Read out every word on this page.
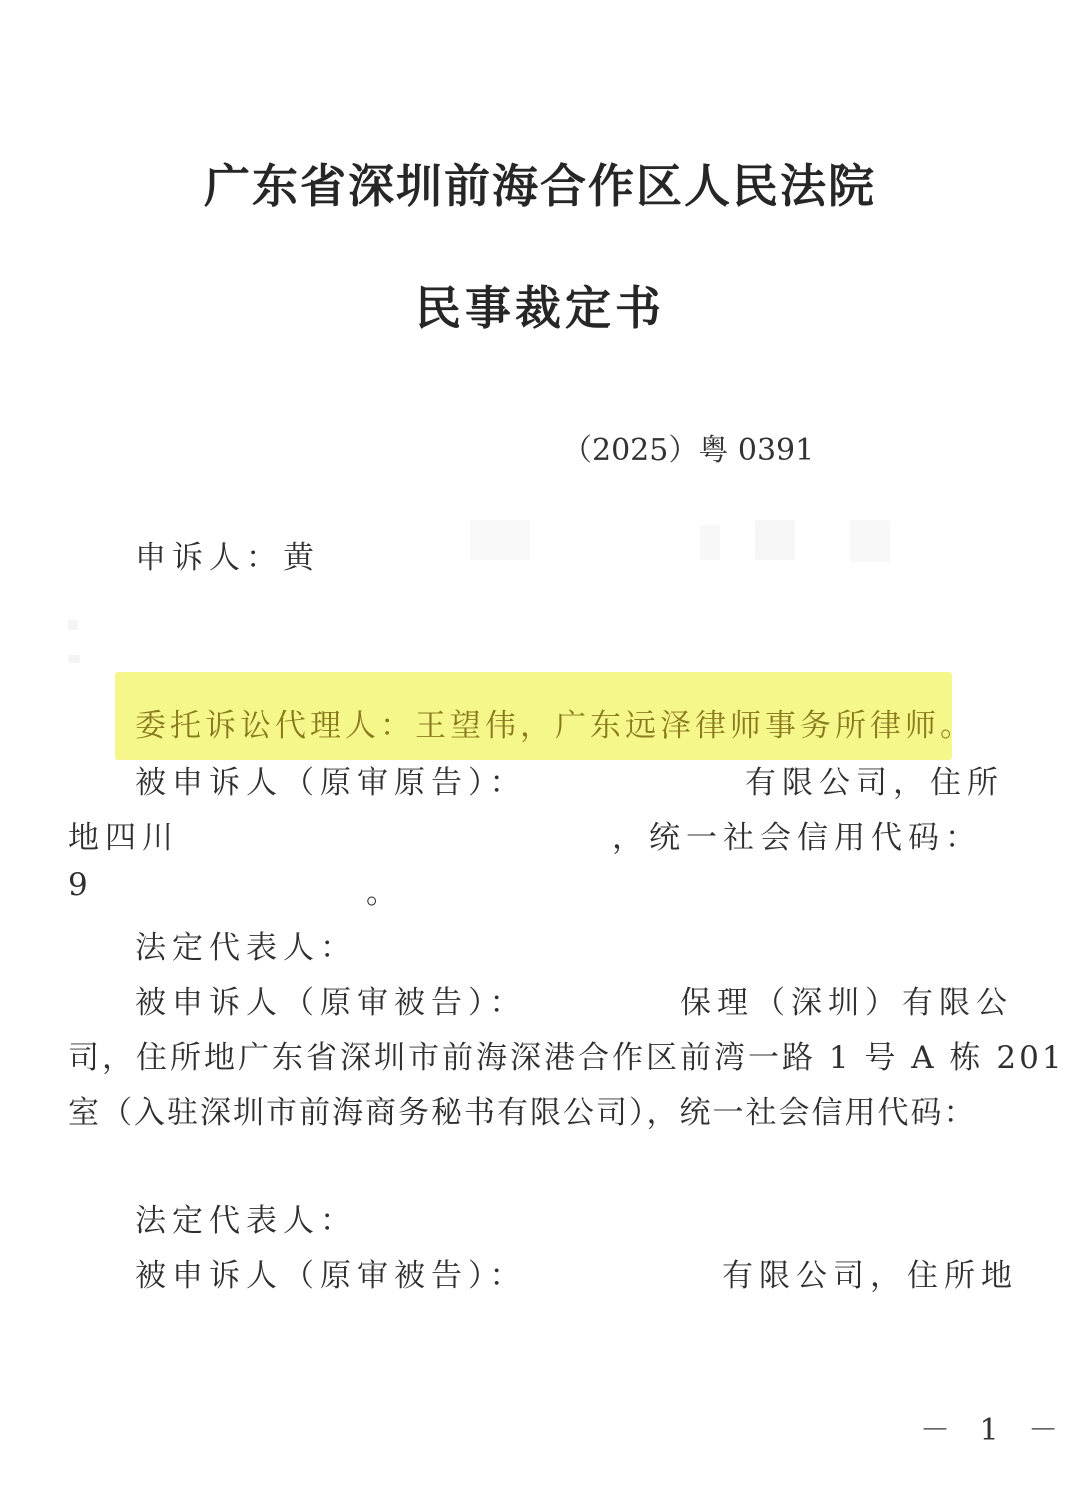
广东省深圳前海合作区人民法院
民事裁定书
（2025）粤 0391
申诉人：黄
委托诉讼代理人：王望伟，广东远泽律师事务所律师。
被申诉人（原审原告）：	有限公司，住所
地四川	，统一社会信用代码：
9	。
法定代表人：
被申诉人（原审被告）：	保理（深圳）有限公
司，住所地广东省深圳市前海深港合作区前湾一路 1 号 A 栋 201
室（入驻深圳市前海商务秘书有限公司），统一社会信用代码：
法定代表人：
被申诉人（原审被告）：	有限公司，住所地
－ 1 －
